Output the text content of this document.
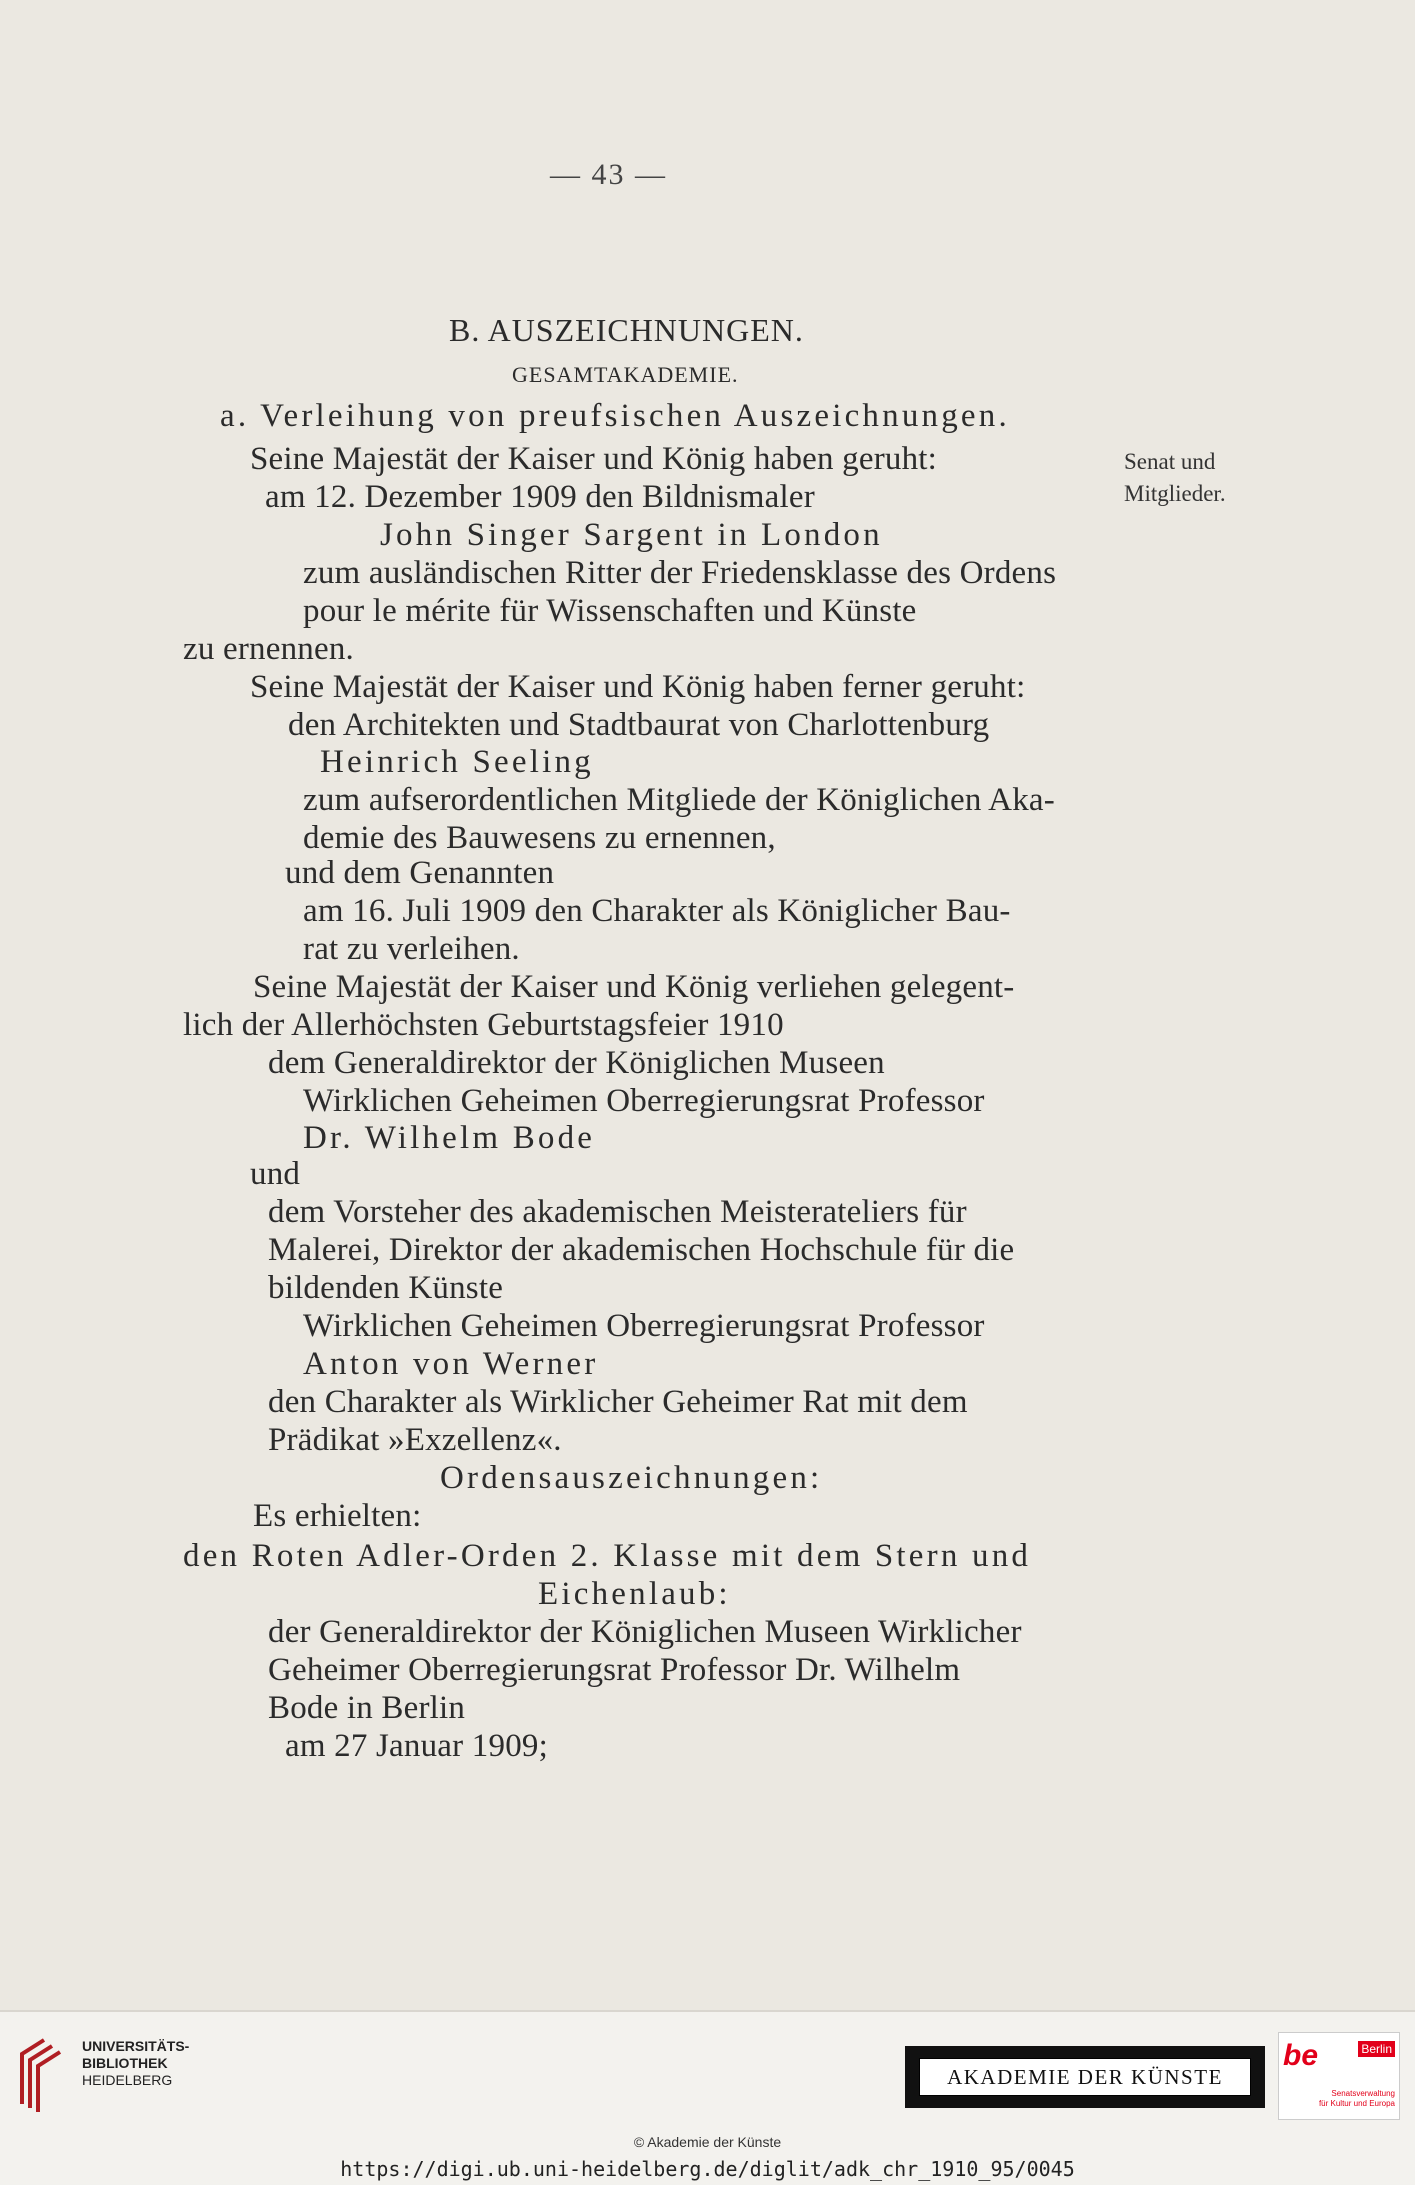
— 43 —
B. AUSZEICHNUNGEN.
GESAMTAKADEMIE.
a. Verleihung von preufsischen Auszeichnungen.
Seine Majestät der Kaiser und König haben geruht:
am 12. Dezember 1909 den Bildnismaler
John Singer Sargent in London
zum ausländischen Ritter der Friedensklasse des Ordens
pour le mérite für Wissenschaften und Künste
zu ernennen.
Seine Majestät der Kaiser und König haben ferner geruht:
den Architekten und Stadtbaurat von Charlottenburg
Heinrich Seeling
zum aufserordentlichen Mitgliede der Königlichen Aka-
demie des Bauwesens zu ernennen,
und dem Genannten
am 16. Juli 1909 den Charakter als Königlicher Bau-
rat zu verleihen.
Seine Majestät der Kaiser und König verliehen gelegent-
lich der Allerhöchsten Geburtstagsfeier 1910
dem Generaldirektor der Königlichen Museen
Wirklichen Geheimen Oberregierungsrat Professor
Dr. Wilhelm Bode
und
dem Vorsteher des akademischen Meisterateliers für
Malerei, Direktor der akademischen Hochschule für die
bildenden Künste
Wirklichen Geheimen Oberregierungsrat Professor
Anton von Werner
den Charakter als Wirklicher Geheimer Rat mit dem
Prädikat »Exzellenz«.
Ordensauszeichnungen:
Es erhielten:
den Roten Adler-Orden 2. Klasse mit dem Stern und
Eichenlaub:
der Generaldirektor der Königlichen Museen Wirklicher
Geheimer Oberregierungsrat Professor Dr. Wilhelm
Bode in Berlin
am 27 Januar 1909;
Senat und
Mitglieder.
UNIVERSITÄTS-
BIBLIOTHEK
HEIDELBERG	AKADEMIE DER KÜNSTE
be	Berlin
Senatsverwaltung
für Kultur und Europa
© Akademie der Künste
https://digi.ub.uni-heidelberg.de/diglit/adk_chr_1910_95/0045
